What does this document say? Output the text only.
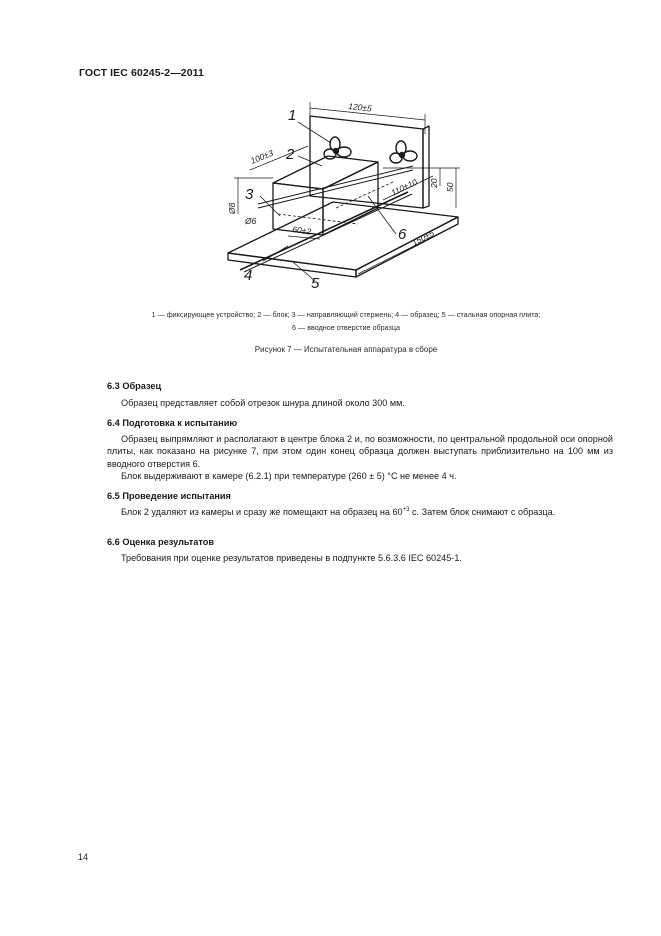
ГОСТ IEC 60245-2—2011
1
2
3
4	5
6
120±5
100±3
Ø8
Ø6
60±2
110±10 20 50
150±5
1 — фиксирующее устройство; 2 — блок; 3 — направляющий стержень; 4 — образец; 5 — стальная опорная плита;
6 — вводное отверстие образца
Рисунок 7 — Испытательная аппаратура в сборе
6.3 Образец
Образец представляет собой отрезок шнура длиной около 300 мм.
6.4 Подготовка к испытанию
Образец выпрямляют и располагают в центре блока 2 и, по возможности, по центральной продольной оси опорной плиты, как показано на рисунке 7, при этом один конец образца должен выступать приблизительно на 100 мм из вводного отверстия 6.
Блок выдерживают в камере (6.2.1) при температуре (260 ± 5) °С не менее 4 ч.
6.5 Проведение испытания
Блок 2 удаляют из камеры и сразу же помещают на образец на $60^{+3}$ с. Затем блок снимают с образца.
6.6 Оценка результатов
Требования при оценке результатов приведены в подпункте 5.6.3.6 IEC 60245-1.
14
